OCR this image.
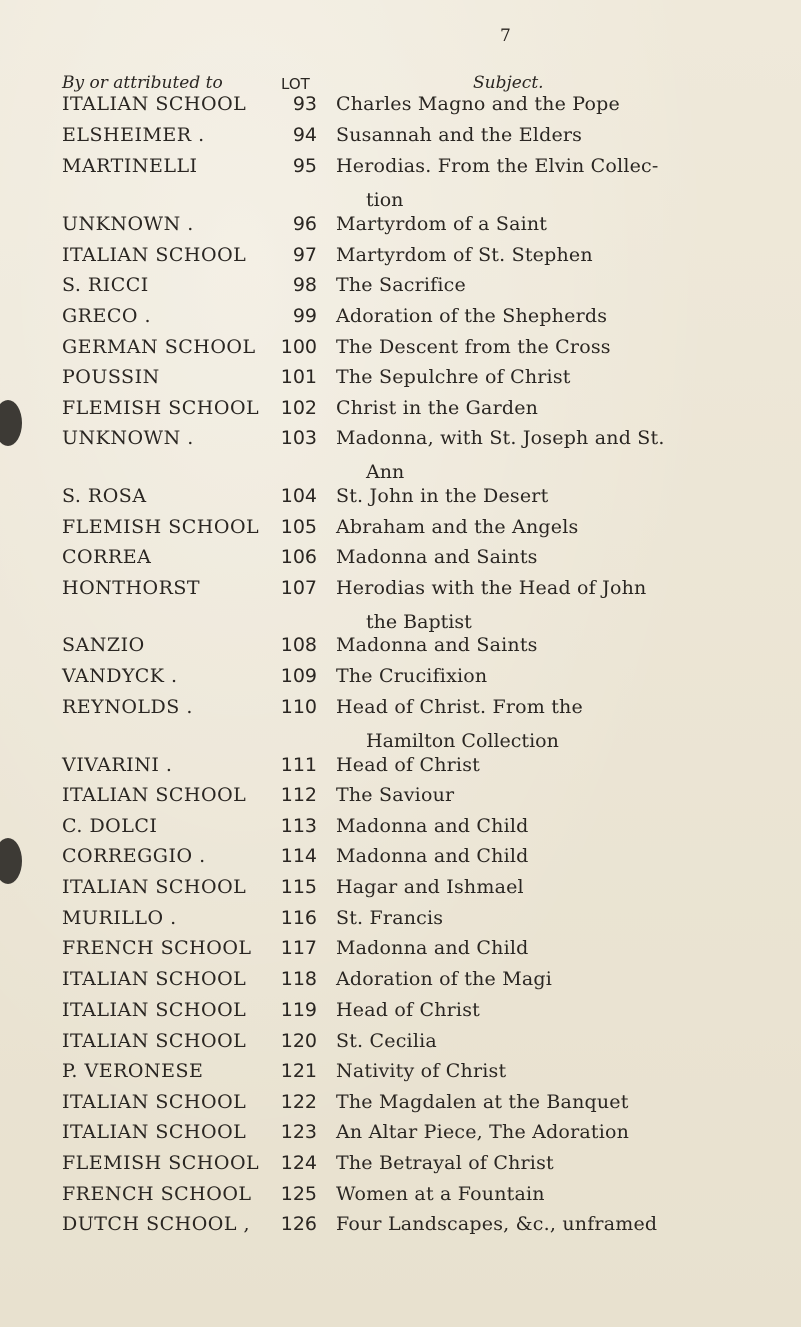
7
By or attributed to	LOT	Subject.
ITALIAN SCHOOL	93 Charles Magno and the Pope
ELSHEIMER .	94 Susannah and the Elders
MARTINELLI	95 Herodias. From the Elvin Collec-
tion
UNKNOWN .	96 Martyrdom of a Saint
ITALIAN SCHOOL	97 Martyrdom of St. Stephen
S. RICCI	98 The Sacrifice
GRECO .	99 Adoration of the Shepherds
GERMAN SCHOOL	100 The Descent from the Cross
POUSSIN	101 The Sepulchre of Christ
FLEMISH SCHOOL	102 Christ in the Garden
UNKNOWN .	103 Madonna, with St. Joseph and St.
Ann
S. ROSA	104 St. John in the Desert
FLEMISH SCHOOL	105 Abraham and the Angels
CORREA	106 Madonna and Saints
HONTHORST	107 Herodias with the Head of John
the Baptist
SANZIO	108 Madonna and Saints
VANDYCK .	109 The Crucifixion
REYNOLDS .	110 Head of Christ. From the
Hamilton Collection
VIVARINI .	111 Head of Christ
ITALIAN SCHOOL	112 The Saviour
C. DOLCI	113 Madonna and Child
CORREGGIO .	114 Madonna and Child
ITALIAN SCHOOL	115 Hagar and Ishmael
MURILLO .	116 St. Francis
FRENCH SCHOOL	117 Madonna and Child
ITALIAN SCHOOL	118 Adoration of the Magi
ITALIAN SCHOOL	119 Head of Christ
ITALIAN SCHOOL	120 St. Cecilia
P. VERONESE	121 Nativity of Christ
ITALIAN SCHOOL	122 The Magdalen at the Banquet
ITALIAN SCHOOL	123 An Altar Piece, The Adoration
FLEMISH SCHOOL	124 The Betrayal of Christ
FRENCH SCHOOL	125 Women at a Fountain
DUTCH SCHOOL ,	126 Four Landscapes, &c., unframed
